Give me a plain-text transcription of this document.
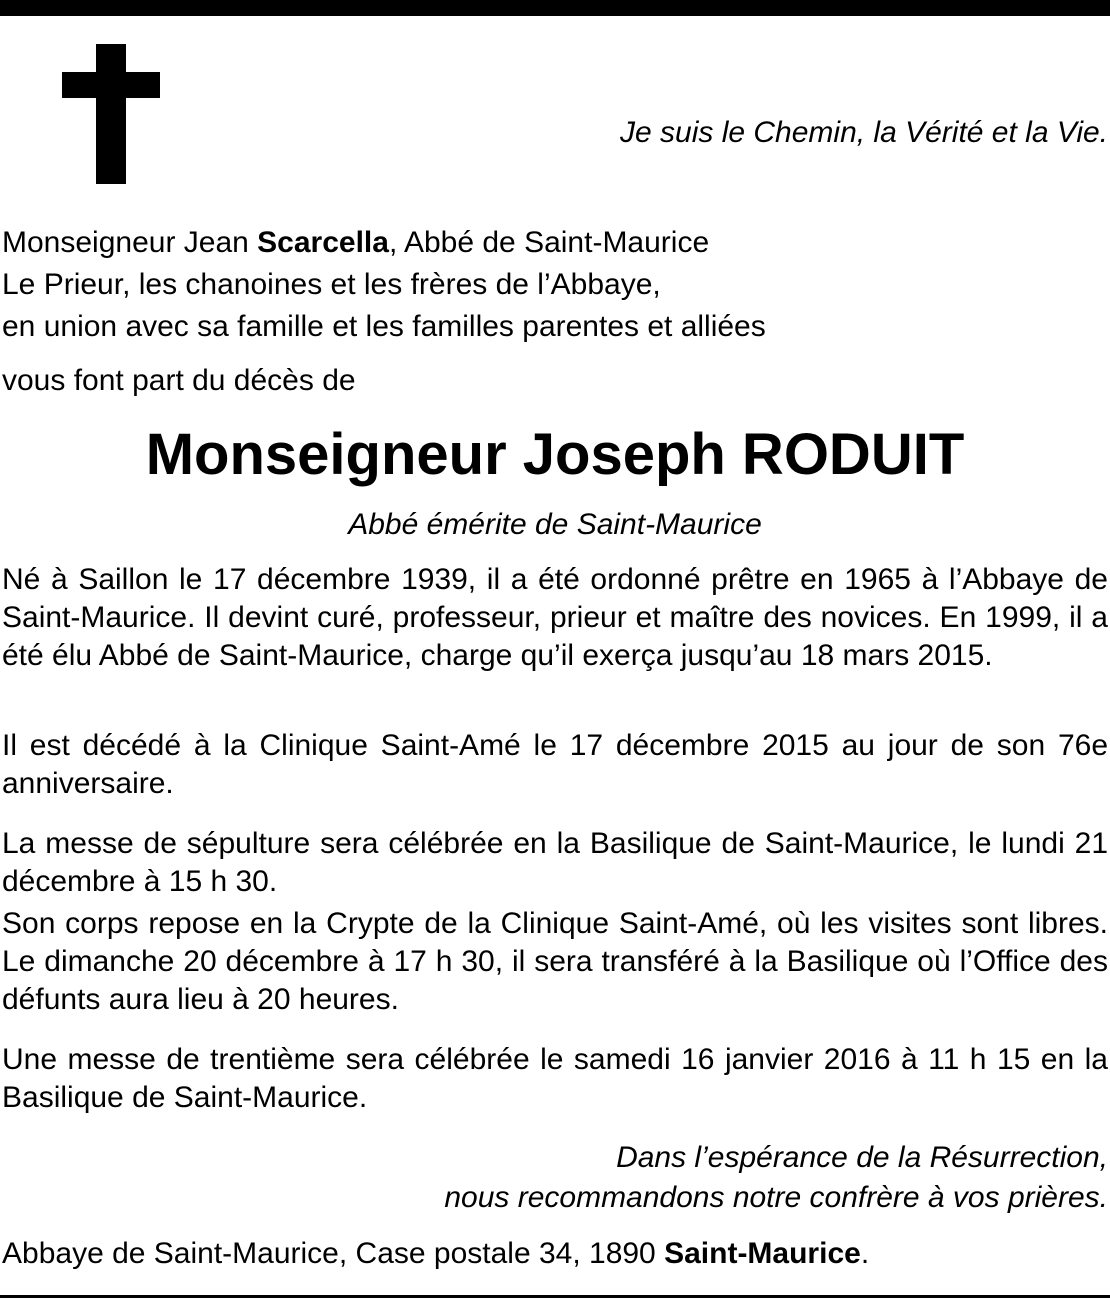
Je suis le Chemin, la Vérité et la Vie.
Monseigneur Jean Scarcella, Abbé de Saint-Maurice
Le Prieur, les chanoines et les frères de l’Abbaye,
en union avec sa famille et les familles parentes et alliées
vous font part du décès de
Monseigneur Joseph RODUIT
Abbé émérite de Saint-Maurice
Né à Saillon le 17 décembre 1939, il a été ordonné prêtre en 1965 à l’Abbaye de Saint-Maurice. Il devint curé, professeur, prieur et maître des novices. En 1999, il a été élu Abbé de Saint-Maurice, charge qu’il exerça jusqu’au 18 mars 2015.
Il est décédé à la Clinique Saint-Amé le 17 décembre 2015 au jour de son 76e anniversaire.
La messe de sépulture sera célébrée en la Basilique de Saint-Maurice, le lundi 21 décembre à 15 h 30.
Son corps repose en la Crypte de la Clinique Saint-Amé, où les visites sont libres. Le dimanche 20 décembre à 17 h 30, il sera transféré à la Basilique où l’Office des défunts aura lieu à 20 heures.
Une messe de trentième sera célébrée le samedi 16 janvier 2016 à 11 h 15 en la Basilique de Saint-Maurice.
Dans l’espérance de la Résurrection,
nous recommandons notre confrère à vos prières.
Abbaye de Saint-Maurice, Case postale 34, 1890 Saint-Maurice.
